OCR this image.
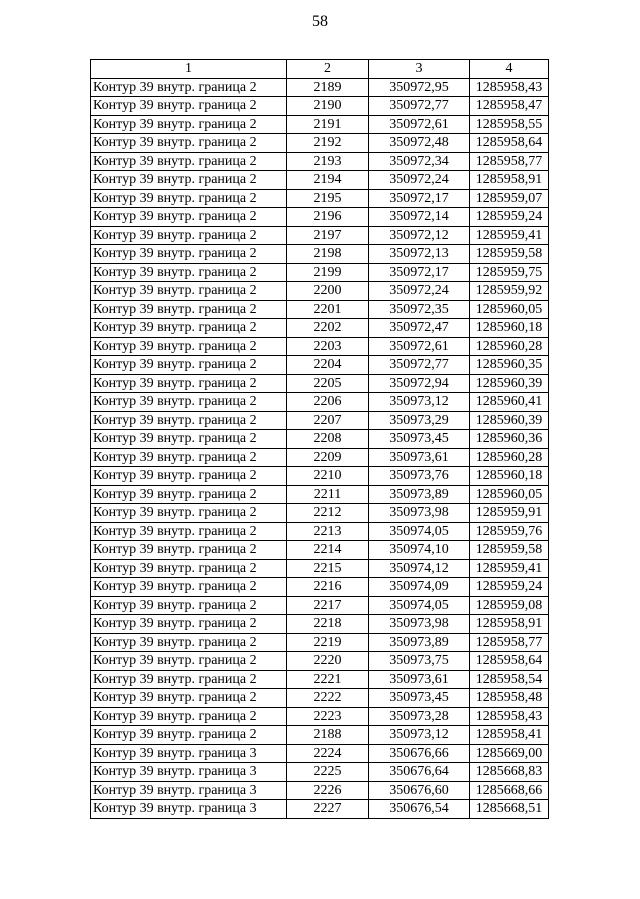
58
1	2	3	4
Контур 39 внутр. граница 2	2189	350972,95	1285958,43
Контур 39 внутр. граница 2	2190	350972,77	1285958,47
Контур 39 внутр. граница 2	2191	350972,61	1285958,55
Контур 39 внутр. граница 2	2192	350972,48	1285958,64
Контур 39 внутр. граница 2	2193	350972,34	1285958,77
Контур 39 внутр. граница 2	2194	350972,24	1285958,91
Контур 39 внутр. граница 2	2195	350972,17	1285959,07
Контур 39 внутр. граница 2	2196	350972,14	1285959,24
Контур 39 внутр. граница 2	2197	350972,12	1285959,41
Контур 39 внутр. граница 2	2198	350972,13	1285959,58
Контур 39 внутр. граница 2	2199	350972,17	1285959,75
Контур 39 внутр. граница 2	2200	350972,24	1285959,92
Контур 39 внутр. граница 2	2201	350972,35	1285960,05
Контур 39 внутр. граница 2	2202	350972,47	1285960,18
Контур 39 внутр. граница 2	2203	350972,61	1285960,28
Контур 39 внутр. граница 2	2204	350972,77	1285960,35
Контур 39 внутр. граница 2	2205	350972,94	1285960,39
Контур 39 внутр. граница 2	2206	350973,12	1285960,41
Контур 39 внутр. граница 2	2207	350973,29	1285960,39
Контур 39 внутр. граница 2	2208	350973,45	1285960,36
Контур 39 внутр. граница 2	2209	350973,61	1285960,28
Контур 39 внутр. граница 2	2210	350973,76	1285960,18
Контур 39 внутр. граница 2	2211	350973,89	1285960,05
Контур 39 внутр. граница 2	2212	350973,98	1285959,91
Контур 39 внутр. граница 2	2213	350974,05	1285959,76
Контур 39 внутр. граница 2	2214	350974,10	1285959,58
Контур 39 внутр. граница 2	2215	350974,12	1285959,41
Контур 39 внутр. граница 2	2216	350974,09	1285959,24
Контур 39 внутр. граница 2	2217	350974,05	1285959,08
Контур 39 внутр. граница 2	2218	350973,98	1285958,91
Контур 39 внутр. граница 2	2219	350973,89	1285958,77
Контур 39 внутр. граница 2	2220	350973,75	1285958,64
Контур 39 внутр. граница 2	2221	350973,61	1285958,54
Контур 39 внутр. граница 2	2222	350973,45	1285958,48
Контур 39 внутр. граница 2	2223	350973,28	1285958,43
Контур 39 внутр. граница 2	2188	350973,12	1285958,41
Контур 39 внутр. граница 3	2224	350676,66	1285669,00
Контур 39 внутр. граница 3	2225	350676,64	1285668,83
Контур 39 внутр. граница 3	2226	350676,60	1285668,66
Контур 39 внутр. граница 3	2227	350676,54	1285668,51
